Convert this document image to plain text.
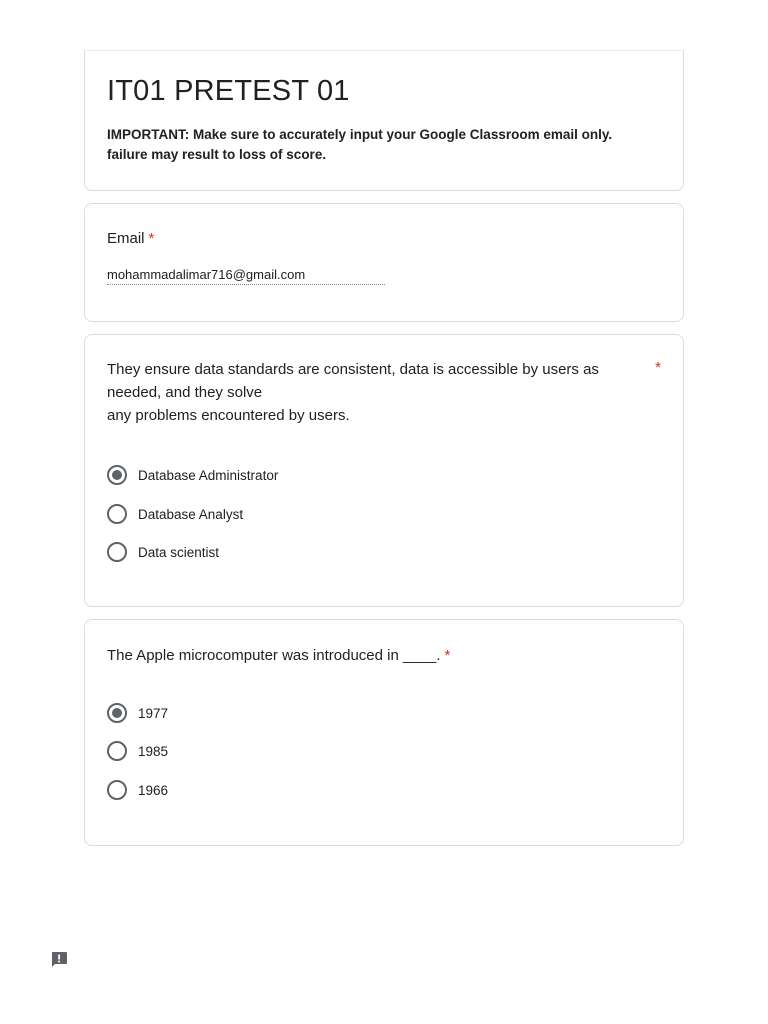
IT01 PRETEST 01

IMPORTANT: Make sure to accurately input your Google Classroom email only. failure may result to loss of score.

Email *
mohammadalimar716@gmail.com
They ensure data standards are consistent, data is accessible by users as
needed, and they solve
any problems encountered by users.
*
Database Administrator
Database Analyst
Data scientist
The Apple microcomputer was introduced in ____. *
1977
1985
1966
